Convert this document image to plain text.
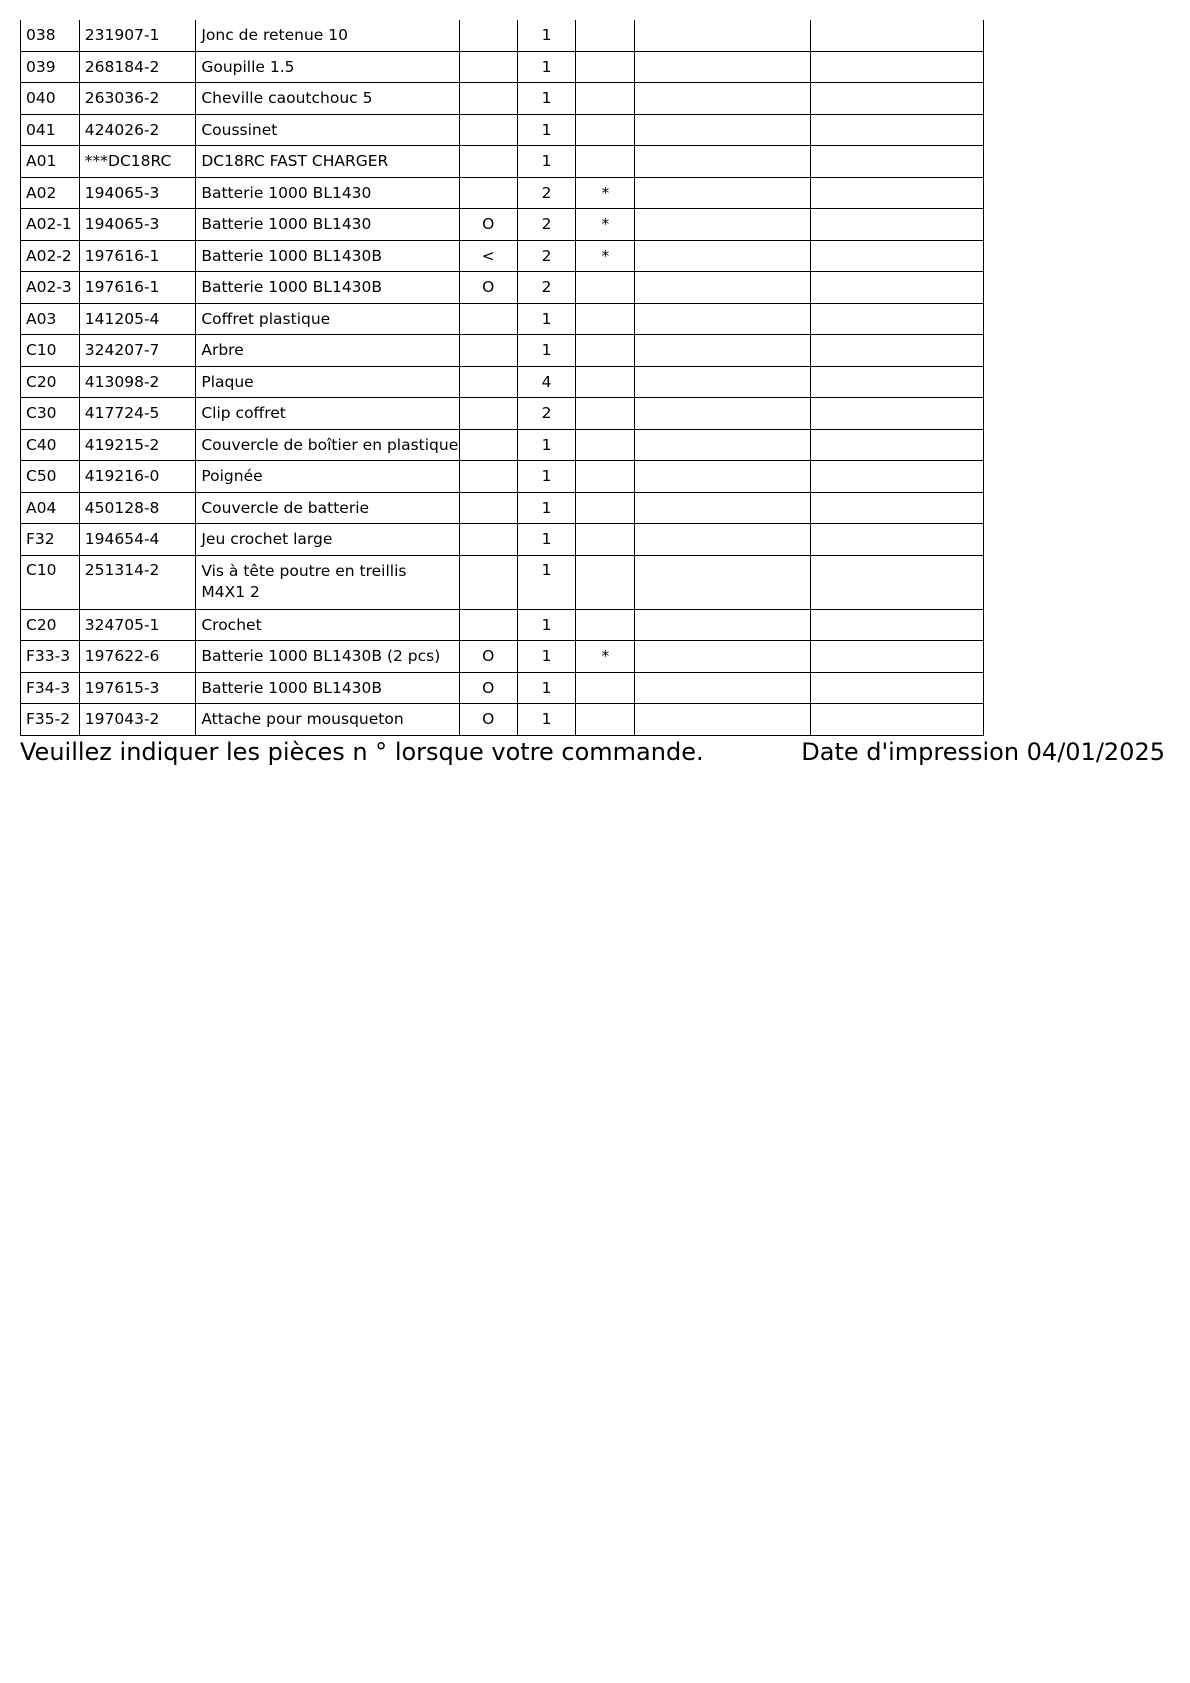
038	231907-1	Jonc de retenue 10		1			
039	268184-2	Goupille 1.5		1			
040	263036-2	Cheville caoutchouc 5		1			
041	424026-2	Coussinet		1			
A01	***DC18RC	DC18RC FAST CHARGER		1			
A02	194065-3	Batterie 1000 BL1430		2	*		
A02-1	194065-3	Batterie 1000 BL1430	O	2	*		
A02-2	197616-1	Batterie 1000 BL1430B	<	2	*		
A02-3	197616-1	Batterie 1000 BL1430B	O	2			
A03	141205-4	Coffret plastique		1			
C10	324207-7	Arbre		1			
C20	413098-2	Plaque		4			
C30	417724-5	Clip coffret		2			
C40	419215-2	Couvercle de boîtier en plastique		1			
C50	419216-0	Poignée		1			
A04	450128-8	Couvercle de batterie		1			
F32	194654-4	Jeu crochet large		1			
C10	251314-2	Vis à tête poutre en treillis M4X1 2		1			
C20	324705-1	Crochet		1			
F33-3	197622-6	Batterie 1000 BL1430B (2 pcs)	O	1	*		
F34-3	197615-3	Batterie 1000 BL1430B	O	1			
F35-2	197043-2	Attache pour mousqueton	O	1			
Veuillez indiquer les pièces n ° lorsque votre commande.	Date d'impression 04/01/2025
